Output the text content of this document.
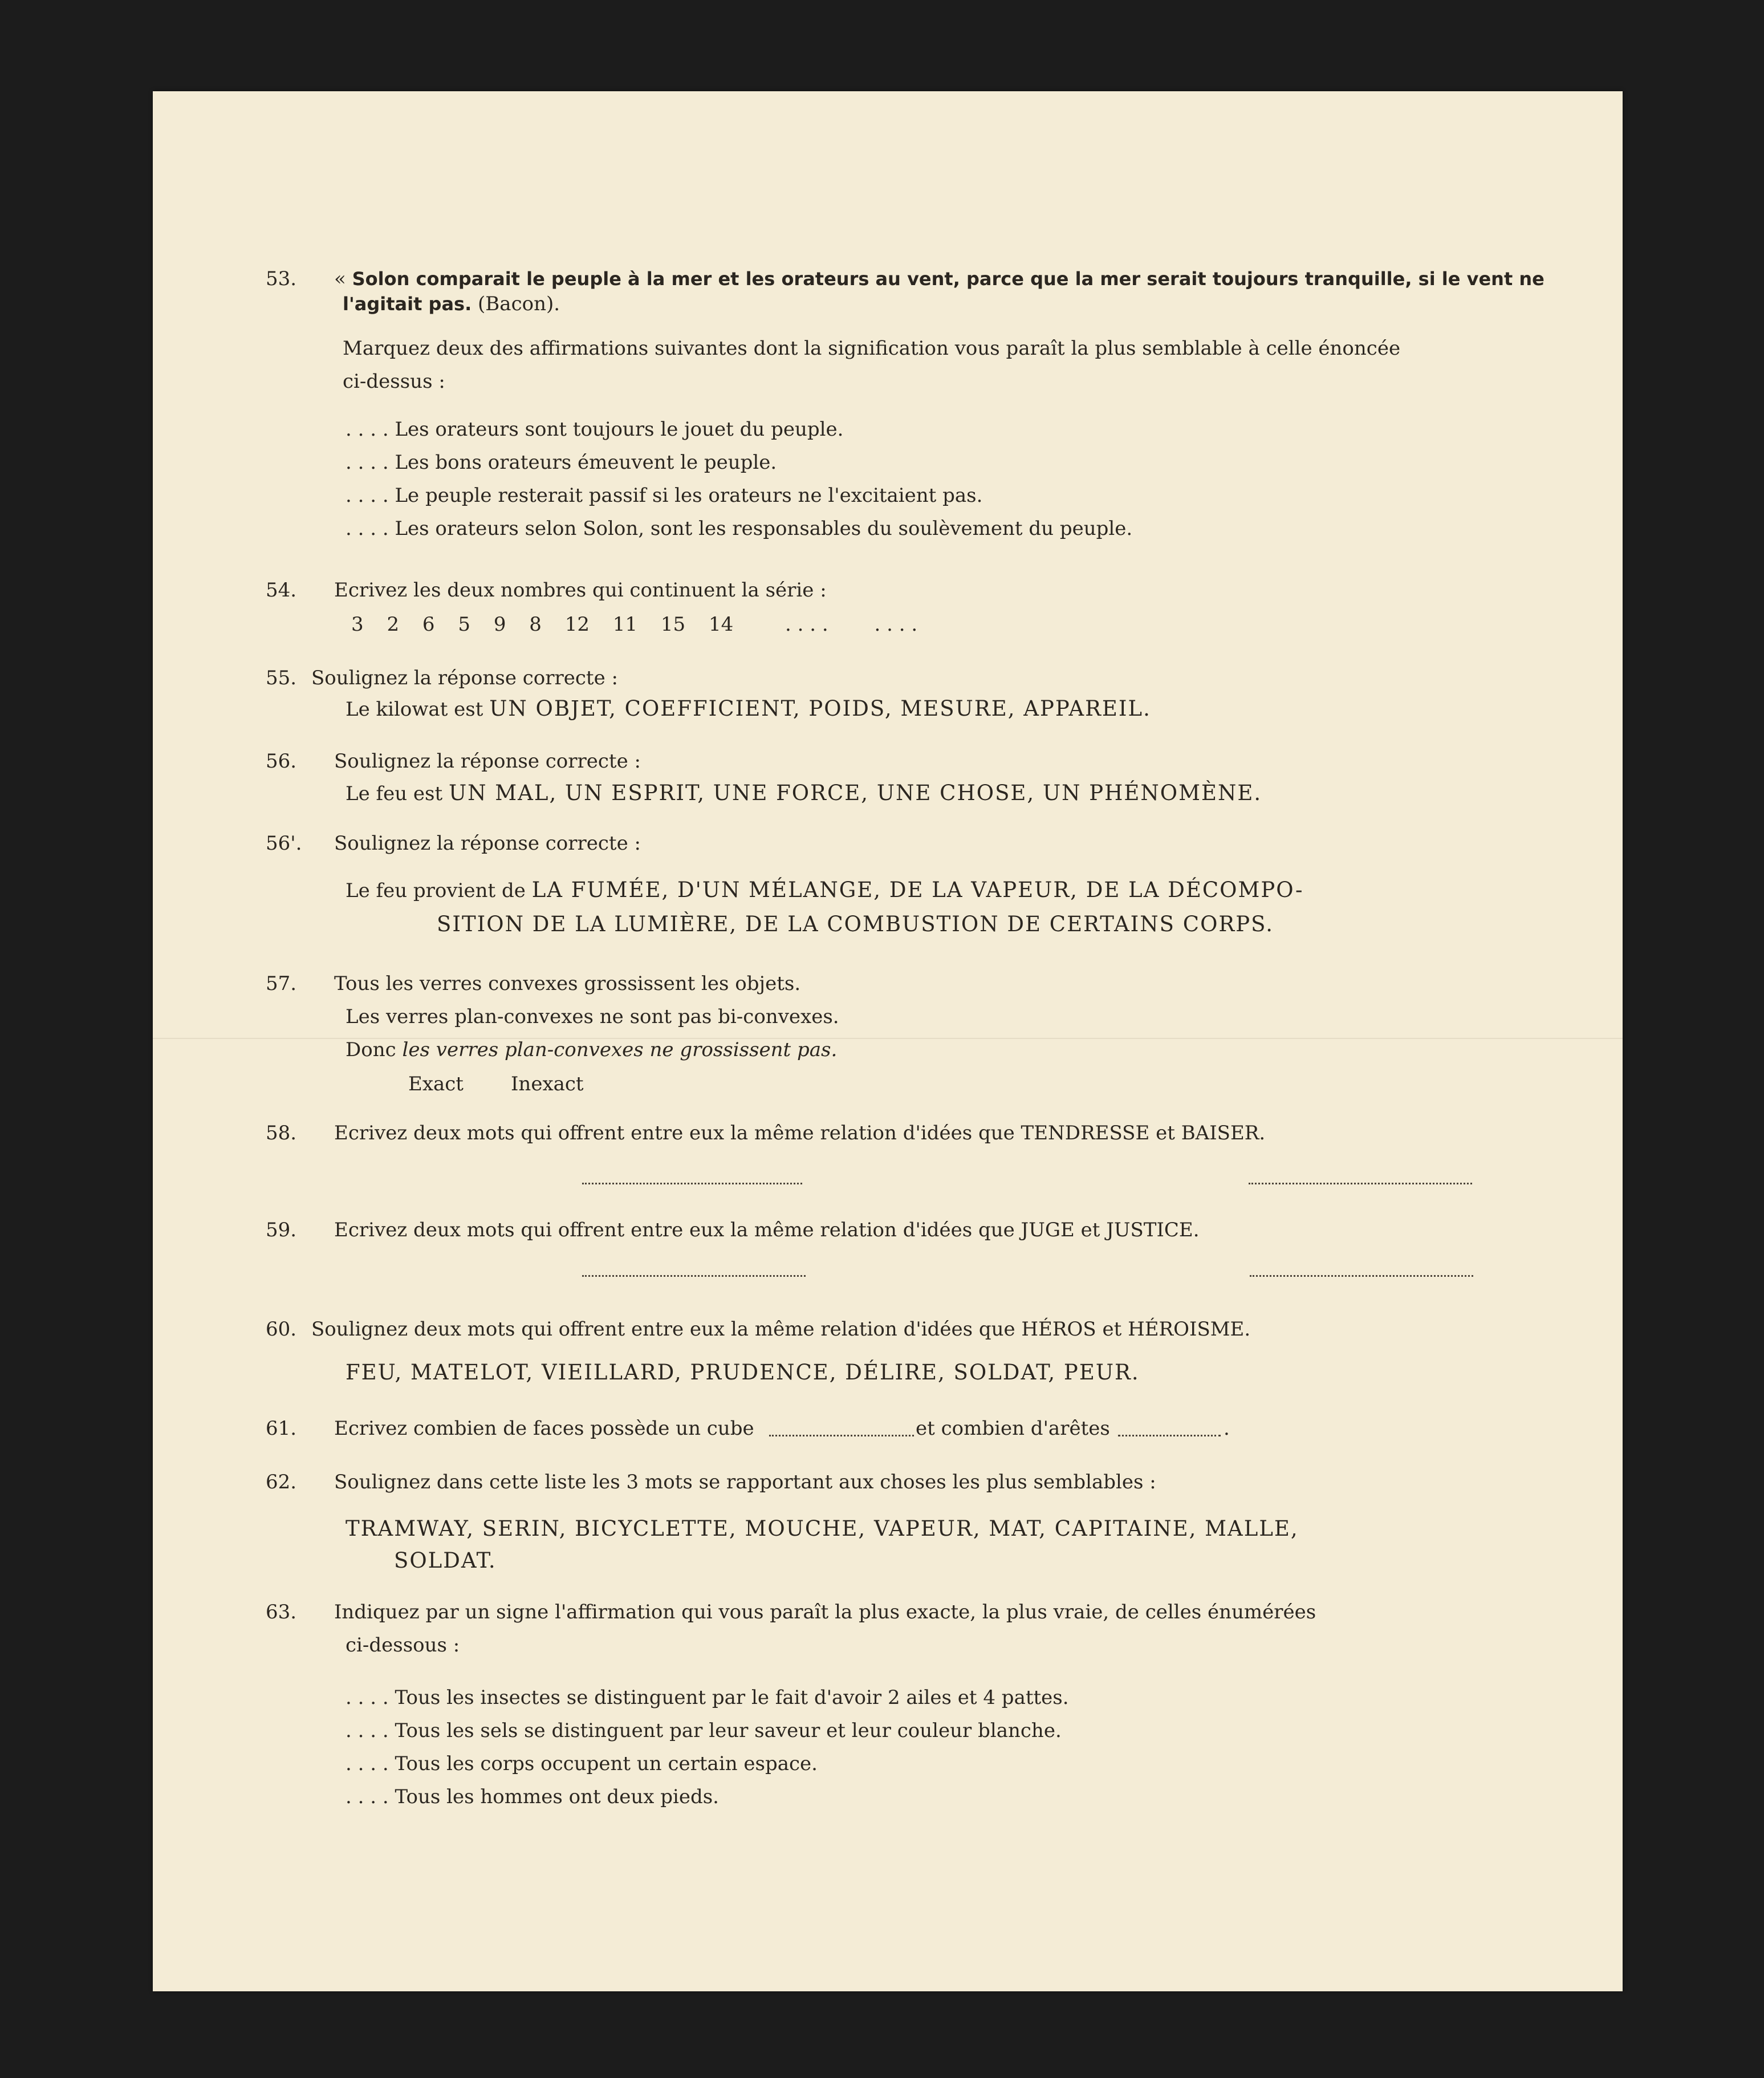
53. « Solon comparait le peuple à la mer et les orateurs au vent, parce que la mer serait toujours tranquille, si le vent ne
l'agitait pas. (Bacon).
Marquez deux des affirmations suivantes dont la signification vous paraît la plus semblable à celle énoncée
ci-dessus :
. . . . Les orateurs sont toujours le jouet du peuple.
. . . . Les bons orateurs émeuvent le peuple.
. . . . Le peuple resterait passif si les orateurs ne l'excitaient pas.
. . . . Les orateurs selon Solon, sont les responsables du soulèvement du peuple.
54. Ecrivez les deux nombres qui continuent la série :
3 2 6 5 9 8 12 11 15 14	. . . . . . . .
55. Soulignez la réponse correcte :
Le kilowat est UN OBJET, COEFFICIENT, POIDS, MESURE, APPAREIL.
56. Soulignez la réponse correcte :
Le feu est UN MAL, UN ESPRIT, UNE FORCE, UNE CHOSE, UN PHÉNOMÈNE.
56'. Soulignez la réponse correcte :
Le feu provient de LA FUMÉE, D'UN MÉLANGE, DE LA VAPEUR, DE LA DÉCOMPO-
SITION DE LA LUMIÈRE, DE LA COMBUSTION DE CERTAINS CORPS.
57. Tous les verres convexes grossissent les objets.
Les verres plan-convexes ne sont pas bi-convexes.
Donc les verres plan-convexes ne grossissent pas.
Exact Inexact
58. Ecrivez deux mots qui offrent entre eux la même relation d'idées que TENDRESSE et BAISER.
59. Ecrivez deux mots qui offrent entre eux la même relation d'idées que JUGE et JUSTICE.
60. Soulignez deux mots qui offrent entre eux la même relation d'idées que HÉROS et HÉROISME.
FEU, MATELOT, VIEILLARD, PRUDENCE, DÉLIRE, SOLDAT, PEUR.
61. Ecrivez combien de faces possède un cube	et combien d'arêtes	.
62. Soulignez dans cette liste les 3 mots se rapportant aux choses les plus semblables :
TRAMWAY, SERIN, BICYCLETTE, MOUCHE, VAPEUR, MAT, CAPITAINE, MALLE,
SOLDAT.
63. Indiquez par un signe l'affirmation qui vous paraît la plus exacte, la plus vraie, de celles énumérées
ci-dessous :
. . . . Tous les insectes se distinguent par le fait d'avoir 2 ailes et 4 pattes.
. . . . Tous les sels se distinguent par leur saveur et leur couleur blanche.
. . . . Tous les corps occupent un certain espace.
. . . . Tous les hommes ont deux pieds.
